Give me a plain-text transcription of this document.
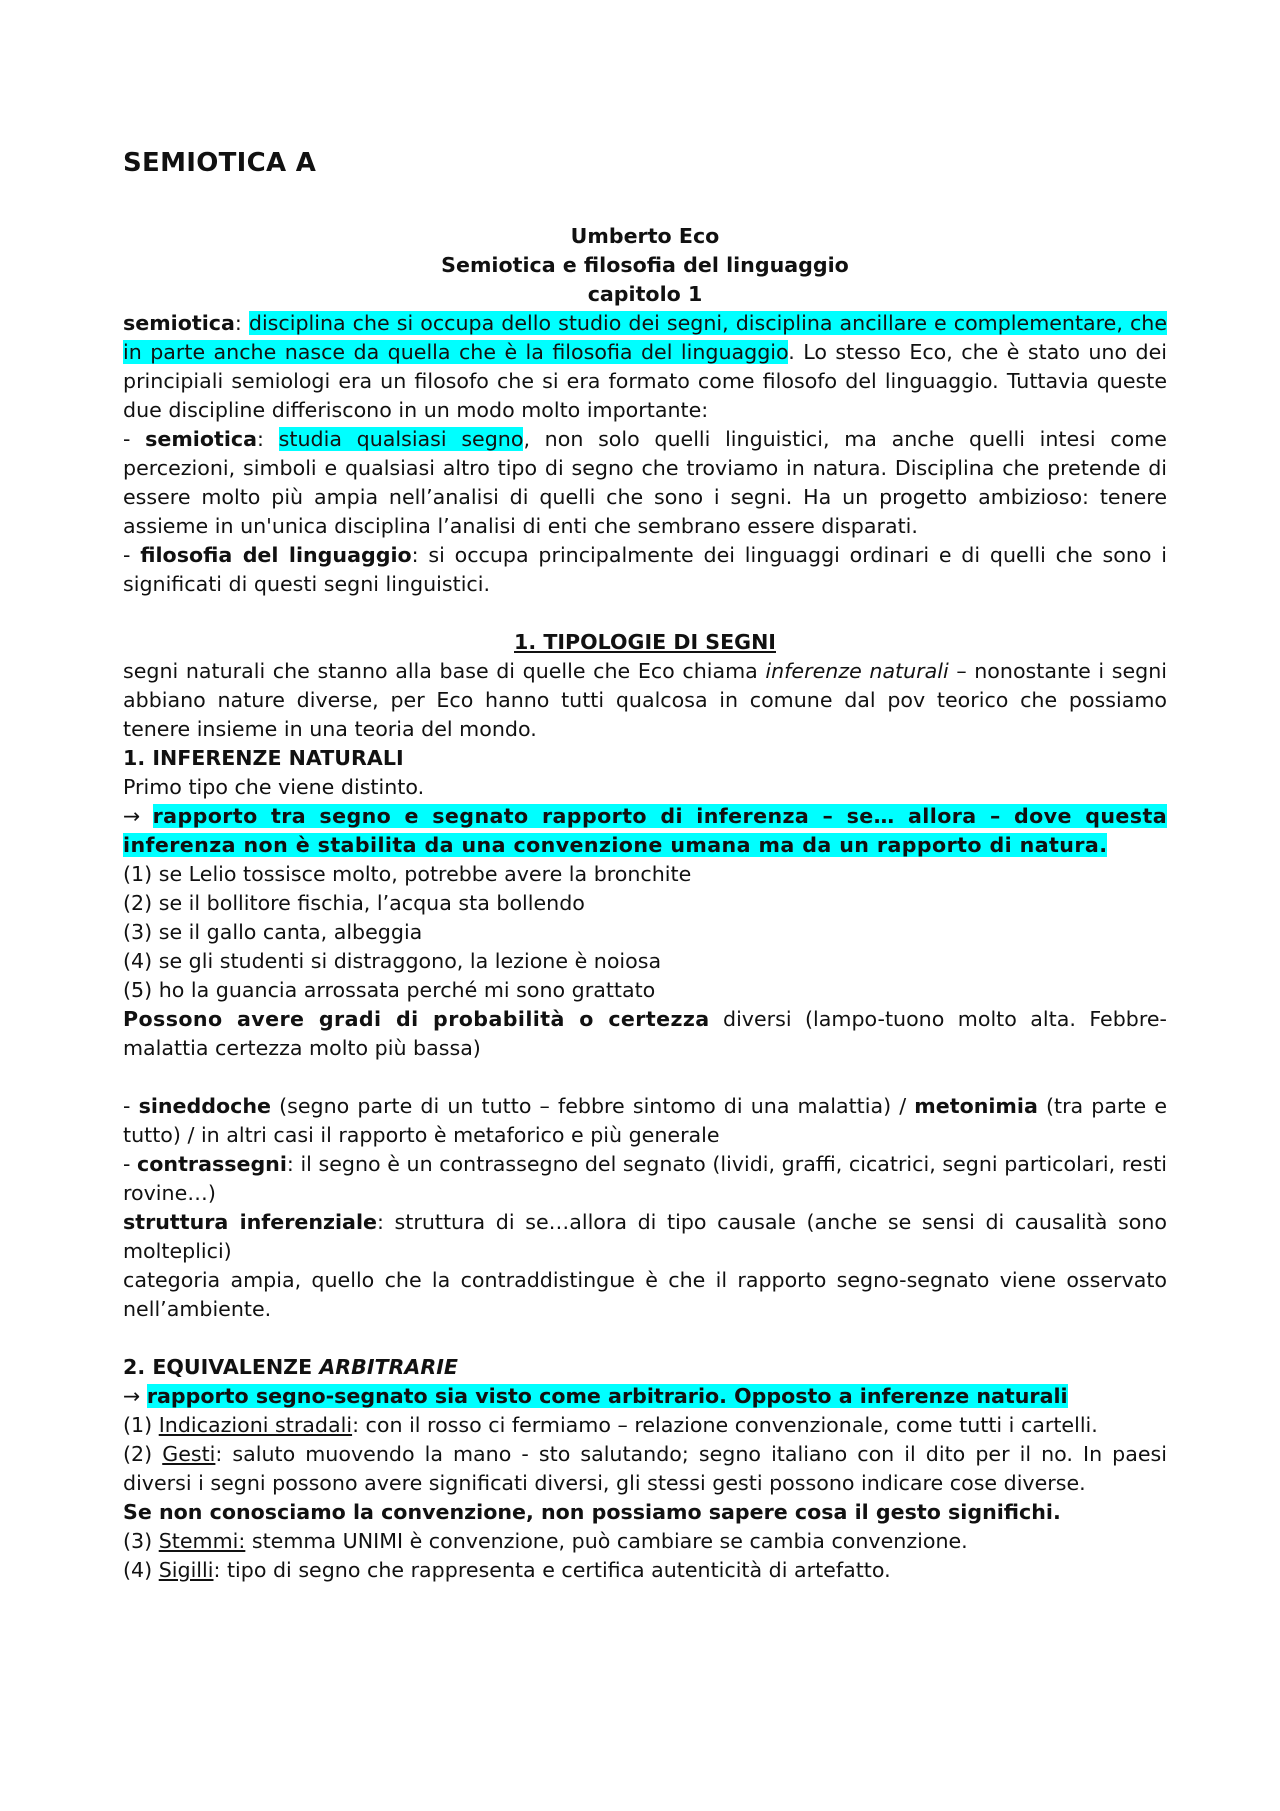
SEMIOTICA A

Umberto Eco

Semiotica e filosofia del linguaggio

capitolo 1

semiotica: disciplina che si occupa dello studio dei segni, disciplina ancillare e complementare, che in parte anche nasce da quella che è la filosofia del linguaggio. Lo stesso Eco, che è stato uno dei principiali semiologi era un filosofo che si era formato come filosofo del linguaggio. Tuttavia queste due discipline differiscono in un modo molto importante:

- semiotica: studia qualsiasi segno, non solo quelli linguistici, ma anche quelli intesi come percezioni, simboli e qualsiasi altro tipo di segno che troviamo in natura. Disciplina che pretende di essere molto più ampia nell’analisi di quelli che sono i segni. Ha un progetto ambizioso: tenere assieme in un'unica disciplina l’analisi di enti che sembrano essere disparati.

- filosofia del linguaggio: si occupa principalmente dei linguaggi ordinari e di quelli che sono i significati di questi segni linguistici.

1. TIPOLOGIE DI SEGNI

segni naturali che stanno alla base di quelle che Eco chiama inferenze naturali – nonostante i segni abbiano nature diverse, per Eco hanno tutti qualcosa in comune dal pov teorico che possiamo tenere insieme in una teoria del mondo.

1. INFERENZE NATURALI

Primo tipo che viene distinto.

→ rapporto tra segno e segnato rapporto di inferenza – se… allora – dove questa inferenza non è stabilita da una convenzione umana ma da un rapporto di natura.

(1) se Lelio tossisce molto, potrebbe avere la bronchite

(2) se il bollitore fischia, l’acqua sta bollendo

(3) se il gallo canta, albeggia

(4) se gli studenti si distraggono, la lezione è noiosa

(5) ho la guancia arrossata perché mi sono grattato

Possono avere gradi di probabilità o certezza diversi (lampo-tuono molto alta. Febbre-malattia certezza molto più bassa)

- sineddoche (segno parte di un tutto – febbre sintomo di una malattia) / metonimia (tra parte e tutto) / in altri casi il rapporto è metaforico e più generale

- contrassegni: il segno è un contrassegno del segnato (lividi, graffi, cicatrici, segni particolari, resti rovine…)

struttura inferenziale: struttura di se…allora di tipo causale (anche se sensi di causalità sono molteplici)

categoria ampia, quello che la contraddistingue è che il rapporto segno-segnato viene osservato nell’ambiente.

2. EQUIVALENZE ARBITRARIE

→ rapporto segno-segnato sia visto come arbitrario. Opposto a inferenze naturali

(1) Indicazioni stradali: con il rosso ci fermiamo – relazione convenzionale, come tutti i cartelli.

(2) Gesti: saluto muovendo la mano - sto salutando; segno italiano con il dito per il no. In paesi diversi i segni possono avere significati diversi, gli stessi gesti possono indicare cose diverse.

Se non conosciamo la convenzione, non possiamo sapere cosa il gesto significhi.

(3) Stemmi: stemma UNIMI è convenzione, può cambiare se cambia convenzione.

(4) Sigilli: tipo di segno che rappresenta e certifica autenticità di artefatto.
